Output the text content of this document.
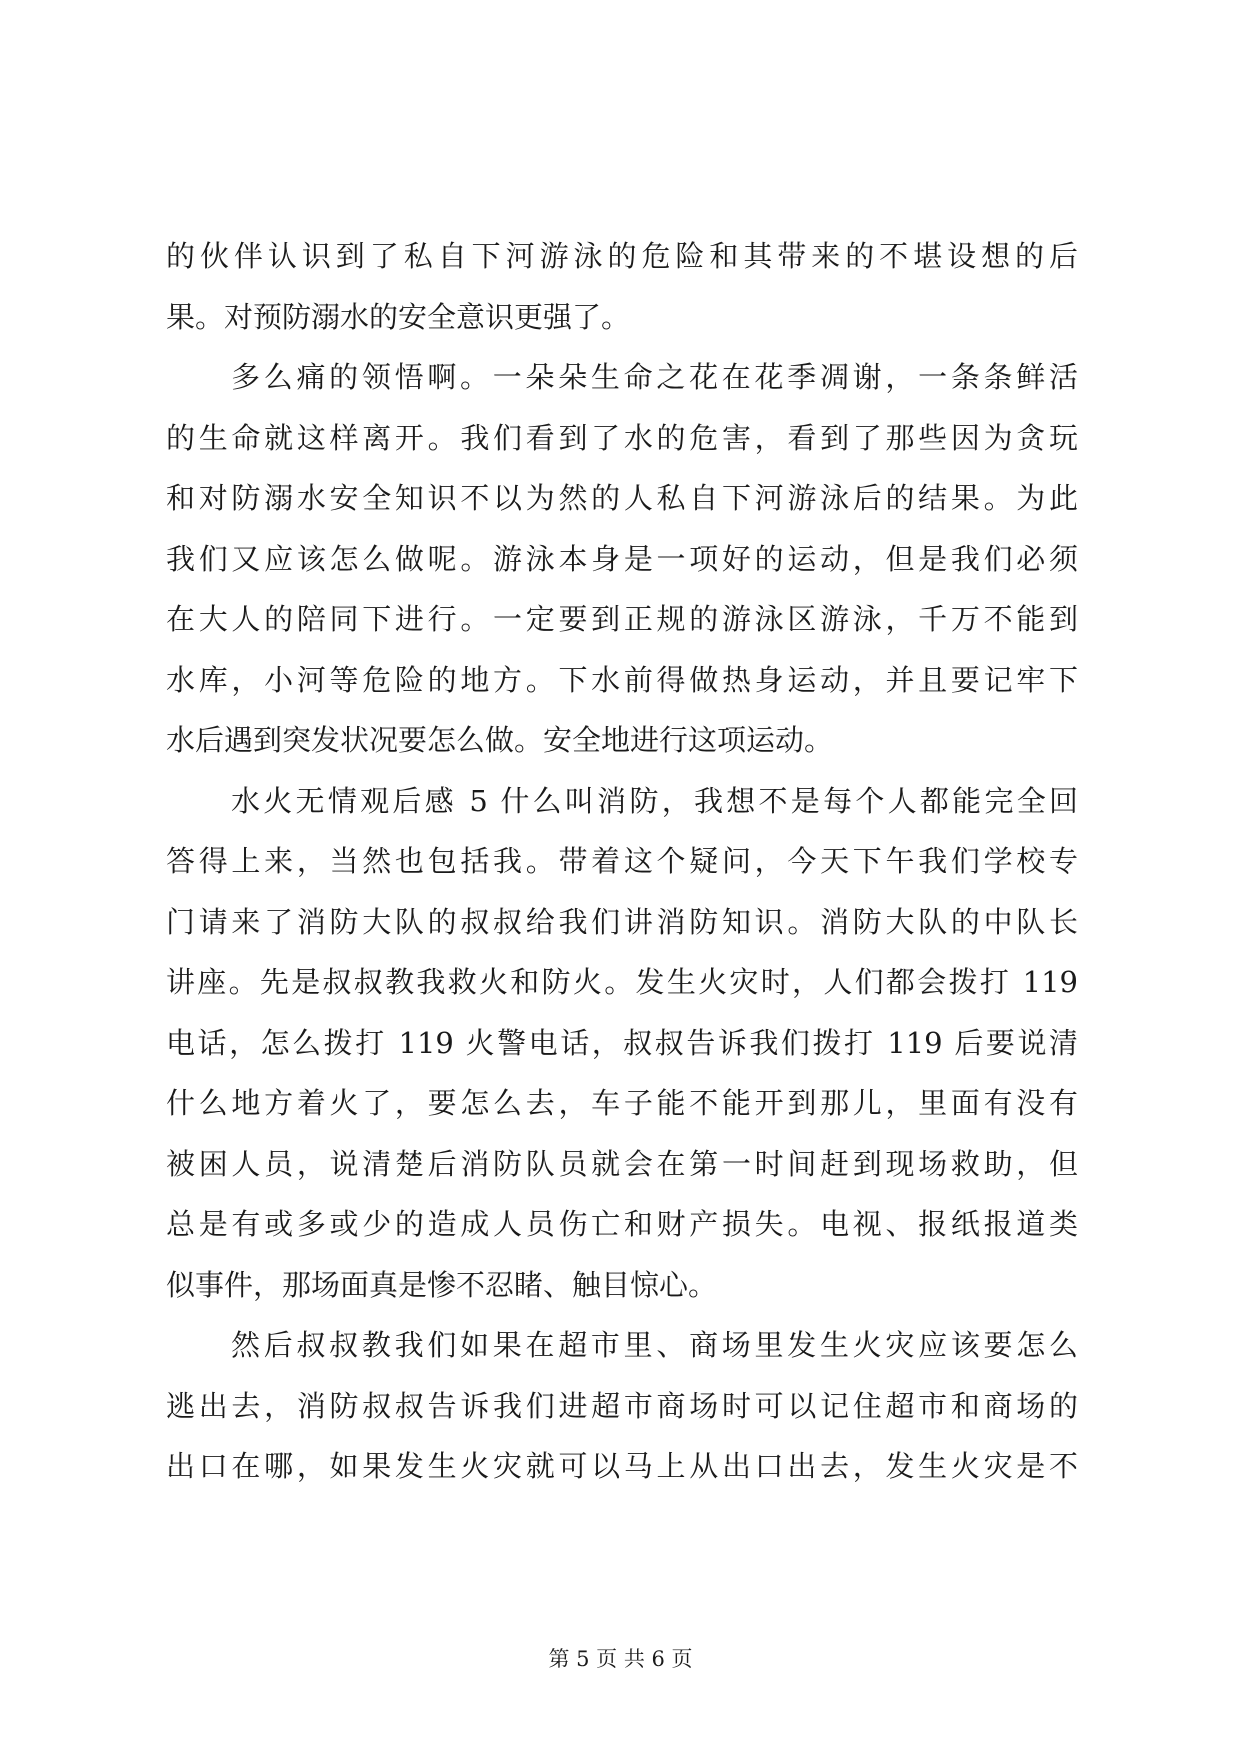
的伙伴认识到了私自下河游泳的危险和其带来的不堪设想的后
果。对预防溺水的安全意识更强了。
多么痛的领悟啊。一朵朵生命之花在花季凋谢，一条条鲜活
的生命就这样离开。我们看到了水的危害，看到了那些因为贪玩
和对防溺水安全知识不以为然的人私自下河游泳后的结果。为此
我们又应该怎么做呢。游泳本身是一项好的运动，但是我们必须
在大人的陪同下进行。一定要到正规的游泳区游泳，千万不能到
水库，小河等危险的地方。下水前得做热身运动，并且要记牢下
水后遇到突发状况要怎么做。安全地进行这项运动。
水火无情观后感 5 什么叫消防，我想不是每个人都能完全回
答得上来，当然也包括我。带着这个疑问，今天下午我们学校专
门请来了消防大队的叔叔给我们讲消防知识。消防大队的中队长
讲座。先是叔叔教我救火和防火。发生火灾时，人们都会拨打 119
电话，怎么拨打 119 火警电话，叔叔告诉我们拨打 119 后要说清
什么地方着火了，要怎么去，车子能不能开到那儿，里面有没有
被困人员，说清楚后消防队员就会在第一时间赶到现场救助，但
总是有或多或少的造成人员伤亡和财产损失。电视、报纸报道类
似事件，那场面真是惨不忍睹、触目惊心。
然后叔叔教我们如果在超市里、商场里发生火灾应该要怎么
逃出去，消防叔叔告诉我们进超市商场时可以记住超市和商场的
出口在哪，如果发生火灾就可以马上从出口出去，发生火灾是不
第 5 页 共 6 页
